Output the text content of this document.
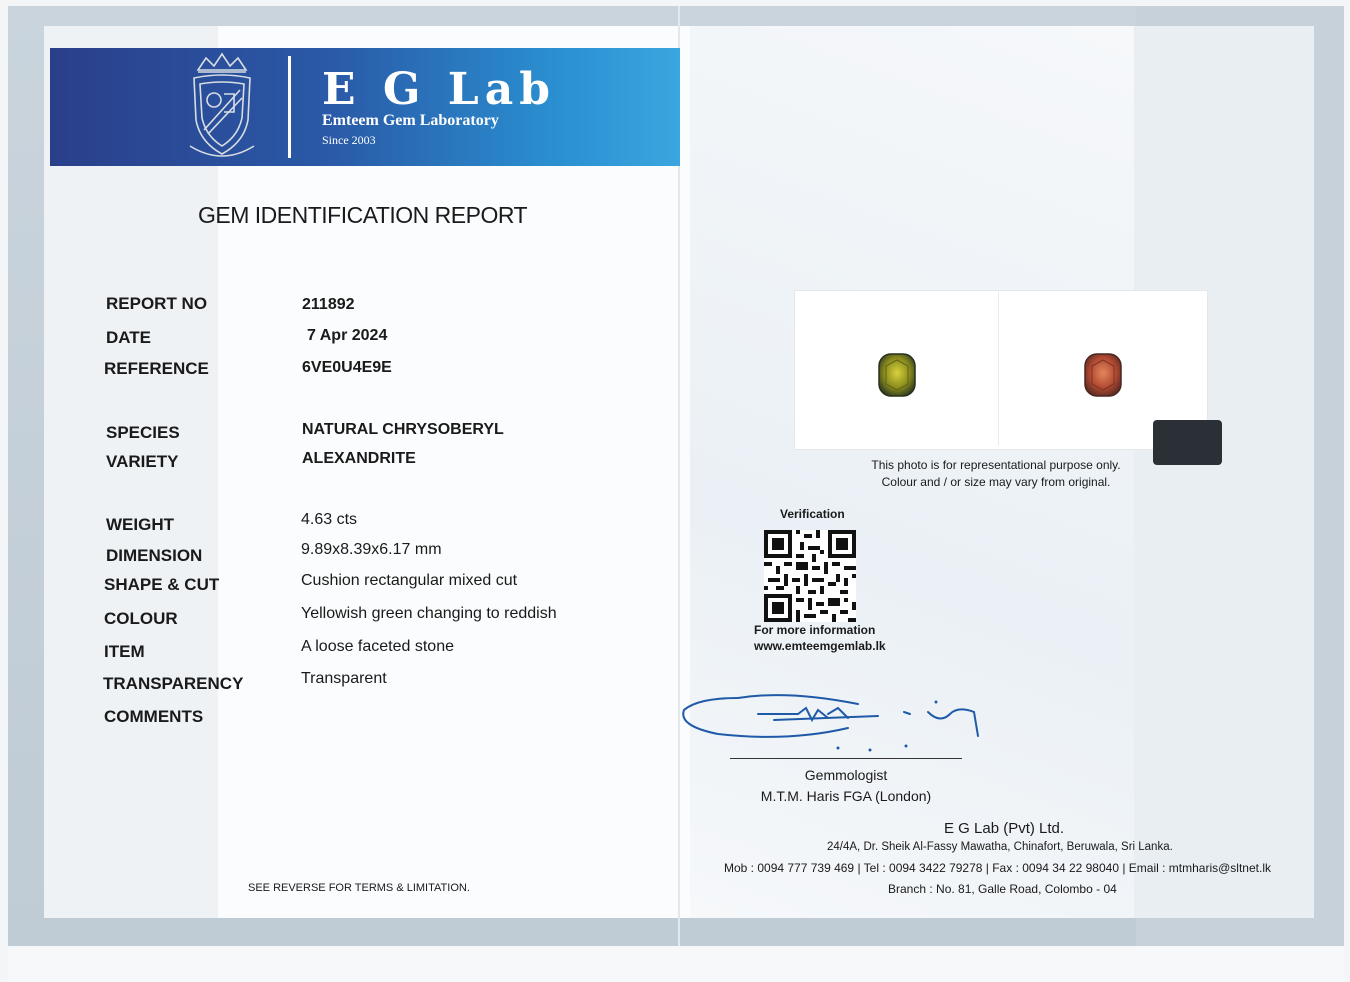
E G Lab
Emteem Gem Laboratory
Since 2003
GEM IDENTIFICATION REPORT
REPORT NO	211892
DATE	7 Apr 2024
REFERENCE	6VE0U4E9E
SPECIES	NATURAL CHRYSOBERYL
VARIETY	ALEXANDRITE
WEIGHT	4.63 cts
DIMENSION	9.89x8.39x6.17 mm
SHAPE & CUT	Cushion rectangular mixed cut
COLOUR	Yellowish green changing to reddish
ITEM	A loose faceted stone
TRANSPARENCY	Transparent
COMMENTS
This photo is for representational purpose only.
Colour and / or size may vary from original.
Verification
For more information
www.emteemgemlab.lk
Gemmologist
M.T.M. Haris FGA (London)
E G Lab (Pvt) Ltd.
24/4A, Dr. Sheik Al-Fassy Mawatha, Chinafort, Beruwala, Sri Lanka.
Mob : 0094 777 739 469 | Tel : 0094 3422 79278 | Fax : 0094 34 22 98040 | Email : mtmharis@sltnet.lk
Branch : No. 81, Galle Road, Colombo - 04
SEE REVERSE FOR TERMS & LIMITATION.
